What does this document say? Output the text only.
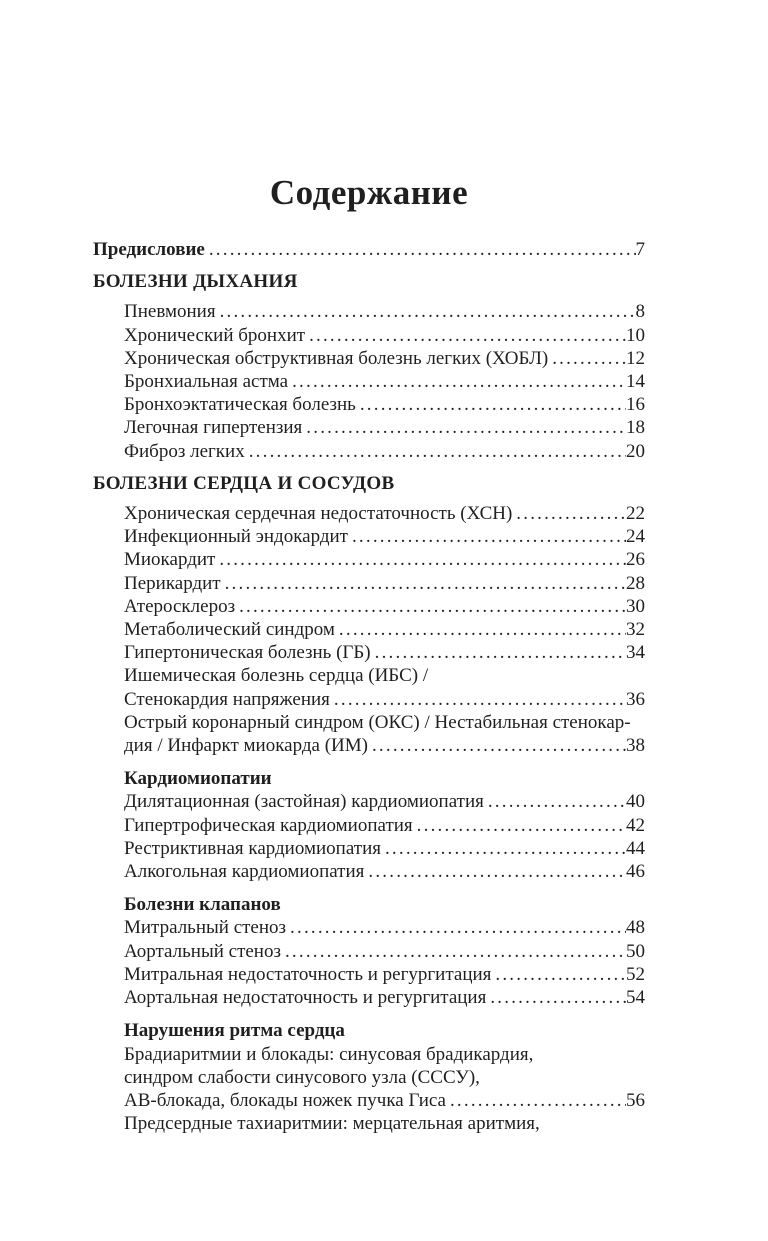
Содержание
Предисловие .....	7
БОЛЕЗНИ ДЫХАНИЯ
Пневмония .....	8
Хронический бронхит .....	10
Хроническая обструктивная болезнь легких (ХОБЛ) .....	12
Бронхиальная астма .....	14
Бронхоэктатическая болезнь .....	16
Легочная гипертензия .....	18
Фиброз легких .....	20
БОЛЕЗНИ СЕРДЦА И СОСУДОВ
Хроническая сердечная недостаточность (ХСН) .....	22
Инфекционный эндокардит .....	24
Миокардит .....	26
Перикардит .....	28
Атеросклероз .....	30
Метаболический синдром .....	32
Гипертоническая болезнь (ГБ) .....	34
Ишемическая болезнь сердца (ИБС) /
Стенокардия напряжения .....	36
Острый коронарный синдром (ОКС) / Нестабильная стенокар-
дия / Инфаркт миокарда (ИМ) .....	38
Кардиомиопатии
Дилятационная (застойная) кардиомиопатия .....	40
Гипертрофическая кардиомиопатия .....	42
Рестриктивная кардиомиопатия .....	44
Алкогольная кардиомиопатия .....	46
Болезни клапанов
Митральный стеноз .....	48
Аортальный стеноз .....	50
Митральная недостаточность и регургитация .....	52
Аортальная недостаточность и регургитация .....	54
Нарушения ритма сердца
Брадиаритмии и блокады: синусовая брадикардия,
синдром слабости синусового узла (СССУ),
АВ-блокада, блокады ножек пучка Гиса .....	56
Предсердные тахиаритмии: мерцательная аритмия,
